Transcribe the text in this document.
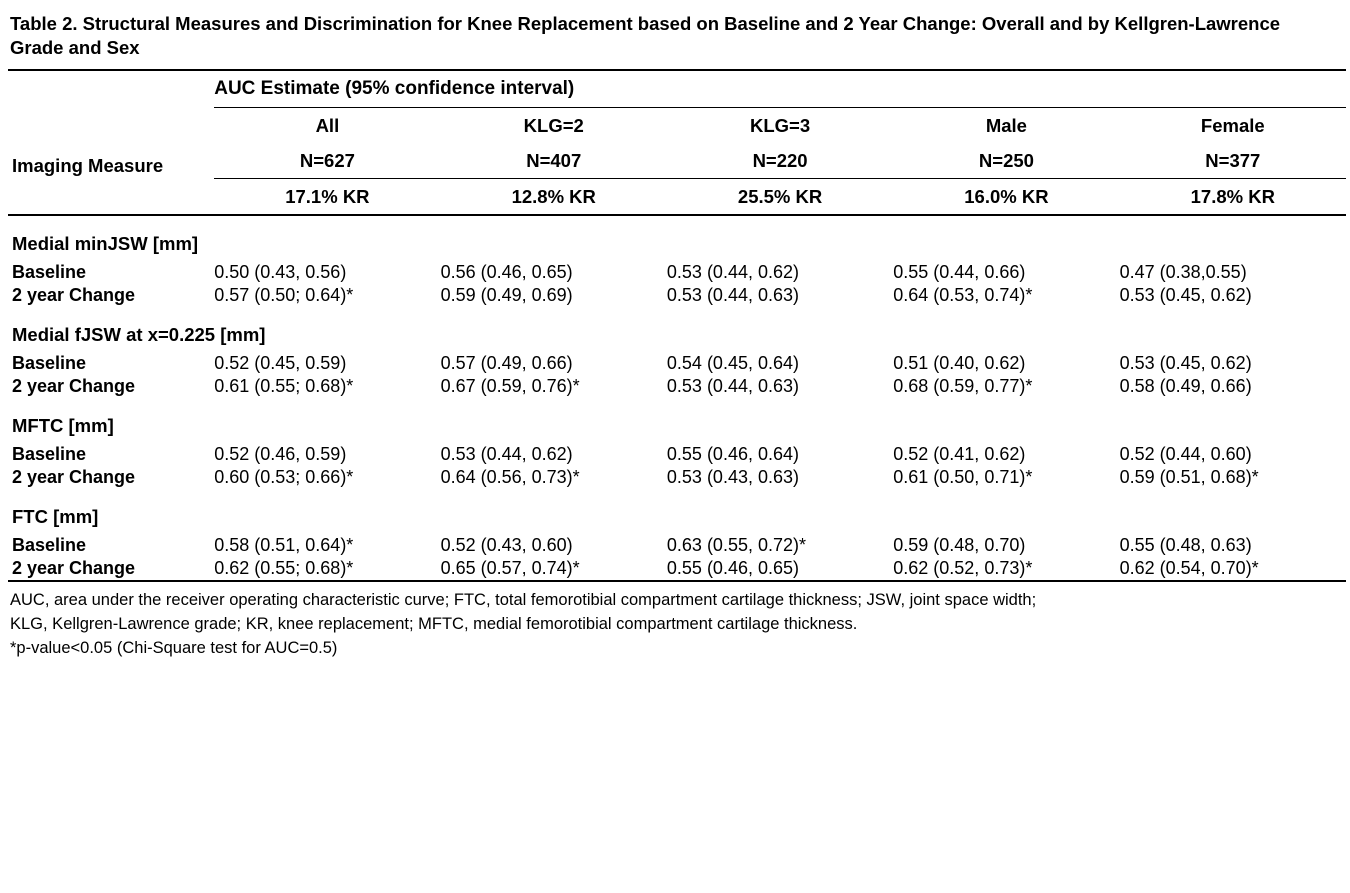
Table 2. Structural Measures and Discrimination for Knee Replacement based on Baseline and 2 Year Change: Overall and by Kellgren-Lawrence Grade and Sex
	AUC Estimate (95% confidence interval)				
Imaging Measure	All	KLG=2	KLG=3	Male	Female
	N=627	N=407	N=220	N=250	N=377
	17.1% KR	12.8% KR	25.5% KR	16.0% KR	17.8% KR
Medial minJSW [mm]					
Baseline	0.50 (0.43, 0.56)	0.56 (0.46, 0.65)	0.53 (0.44, 0.62)	0.55 (0.44, 0.66)	0.47 (0.38,0.55)
2 year Change	0.57 (0.50; 0.64)*	0.59 (0.49, 0.69)	0.53 (0.44, 0.63)	0.64 (0.53, 0.74)*	0.53 (0.45, 0.62)
Medial fJSW at x=0.225 [mm]					
Baseline	0.52 (0.45, 0.59)	0.57 (0.49, 0.66)	0.54 (0.45, 0.64)	0.51 (0.40, 0.62)	0.53 (0.45, 0.62)
2 year Change	0.61 (0.55; 0.68)*	0.67 (0.59, 0.76)*	0.53 (0.44, 0.63)	0.68 (0.59, 0.77)*	0.58 (0.49, 0.66)
MFTC [mm]					
Baseline	0.52 (0.46, 0.59)	0.53 (0.44, 0.62)	0.55 (0.46, 0.64)	0.52 (0.41, 0.62)	0.52 (0.44, 0.60)
2 year Change	0.60 (0.53; 0.66)*	0.64 (0.56, 0.73)*	0.53 (0.43, 0.63)	0.61 (0.50, 0.71)*	0.59 (0.51, 0.68)*
FTC [mm]					
Baseline	0.58 (0.51, 0.64)*	0.52 (0.43, 0.60)	0.63 (0.55, 0.72)*	0.59 (0.48, 0.70)	0.55 (0.48, 0.63)
2 year Change	0.62 (0.55; 0.68)*	0.65 (0.57, 0.74)*	0.55 (0.46, 0.65)	0.62 (0.52, 0.73)*	0.62 (0.54, 0.70)*
AUC, area under the receiver operating characteristic curve; FTC, total femorotibial compartment cartilage thickness; JSW, joint space width;
KLG, Kellgren-Lawrence grade; KR, knee replacement; MFTC, medial femorotibial compartment cartilage thickness.
*p-value<0.05 (Chi-Square test for AUC=0.5)
